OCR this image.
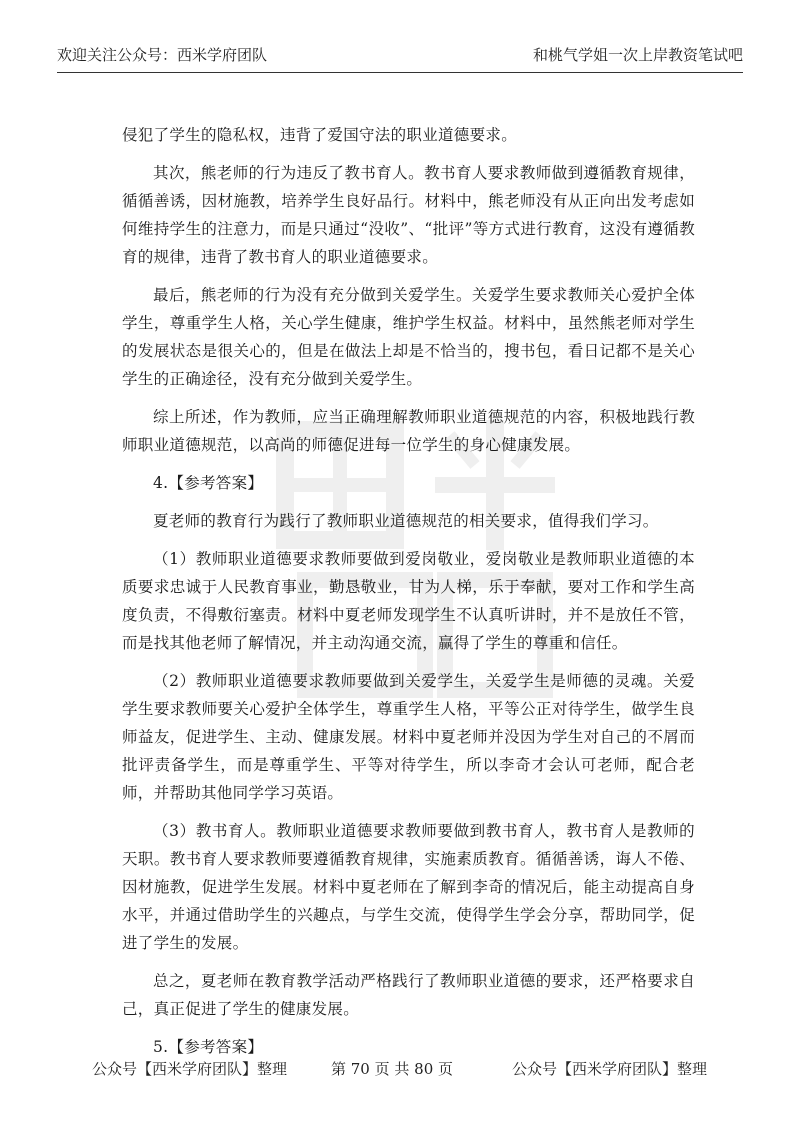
欢迎关注公众号：西米学府团队	和桃气学姐一次上岸教资笔试吧

侵犯了学生的隐私权，违背了爱国守法的职业道德要求。

其次，熊老师的行为违反了教书育人。教书育人要求教师做到遵循教育规律，循循善诱，因材施教，培养学生良好品行。材料中，熊老师没有从正向出发考虑如何维持学生的注意力，而是只通过“没收”、“批评”等方式进行教育，这没有遵循教育的规律，违背了教书育人的职业道德要求。

最后，熊老师的行为没有充分做到关爱学生。关爱学生要求教师关心爱护全体学生，尊重学生人格，关心学生健康，维护学生权益。材料中，虽然熊老师对学生的发展状态是很关心的，但是在做法上却是不恰当的，搜书包，看日记都不是关心学生的正确途径，没有充分做到关爱学生。

综上所述，作为教师，应当正确理解教师职业道德规范的内容，积极地践行教师职业道德规范，以高尚的师德促进每一位学生的身心健康发展。

4.【参考答案】

夏老师的教育行为践行了教师职业道德规范的相关要求，值得我们学习。

（1）教师职业道德要求教师要做到爱岗敬业，爱岗敬业是教师职业道德的本质要求忠诚于人民教育事业，勤恳敬业，甘为人梯，乐于奉献，要对工作和学生高度负责，不得敷衍塞责。材料中夏老师发现学生不认真听讲时，并不是放任不管，而是找其他老师了解情况，并主动沟通交流，赢得了学生的尊重和信任。

（2）教师职业道德要求教师要做到关爱学生，关爱学生是师德的灵魂。关爱学生要求教师要关心爱护全体学生，尊重学生人格，平等公正对待学生，做学生良师益友，促进学生、主动、健康发展。材料中夏老师并没因为学生对自己的不屑而批评责备学生，而是尊重学生、平等对待学生，所以李奇才会认可老师，配合老师，并帮助其他同学学习英语。

（3）教书育人。教师职业道德要求教师要做到教书育人，教书育人是教师的天职。教书育人要求教师要遵循教育规律，实施素质教育。循循善诱，诲人不倦、因材施教，促进学生发展。材料中夏老师在了解到李奇的情况后，能主动提高自身水平，并通过借助学生的兴趣点，与学生交流，使得学生学会分享，帮助同学，促进了学生的发展。

总之，夏老师在教育教学活动严格践行了教师职业道德的要求，还严格要求自己，真正促进了学生的健康发展。

5.【参考答案】

公众号【西米学府团队】整理	第 70 页 共 80 页	公众号【西米学府团队】整理
